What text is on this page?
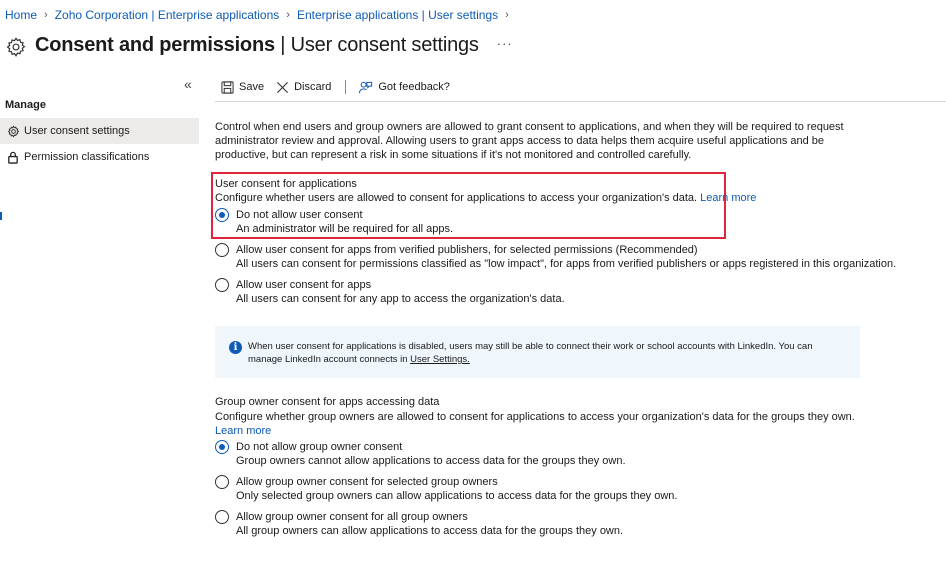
Home › Zoho Corporation | Enterprise applications › Enterprise applications | User settings ›
Consent and permissions | User consent settings ···
«
Manage
User consent settings
Permission classifications
Save	Discard	Got feedback?
Control when end users and group owners are allowed to grant consent to applications, and when they will be required to request administrator review and approval. Allowing users to grant apps access to data helps them acquire useful applications and be productive, but can represent a risk in some situations if it's not monitored and controlled carefully.
User consent for applications
Configure whether users are allowed to consent for applications to access your organization's data. Learn more
Do not allow user consent
An administrator will be required for all apps.
Allow user consent for apps from verified publishers, for selected permissions (Recommended)
All users can consent for permissions classified as "low impact", for apps from verified publishers or apps registered in this organization.
Allow user consent for apps
All users can consent for any app to access the organization's data.
i	When user consent for applications is disabled, users may still be able to connect their work or school accounts with LinkedIn. You can manage LinkedIn account connects in User Settings.
Group owner consent for apps accessing data
Configure whether group owners are allowed to consent for applications to access your organization's data for the groups they own. Learn more
Do not allow group owner consent
Group owners cannot allow applications to access data for the groups they own.
Allow group owner consent for selected group owners
Only selected group owners can allow applications to access data for the groups they own.
Allow group owner consent for all group owners
All group owners can allow applications to access data for the groups they own.
